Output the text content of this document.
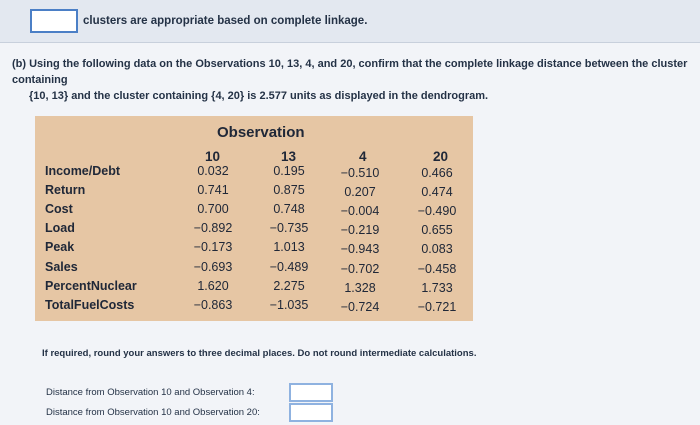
clusters are appropriate based on complete linkage.
(b) Using the following data on the Observations 10, 13, 4, and 20, confirm that the complete linkage distance between the cluster containing
{10, 13} and the cluster containing {4, 20} is 2.577 units as displayed in the dendrogram.
Observation
10	13	4	20
Income/Debt	0.032	0.195	−0.510	0.466
Return	0.741	0.875	0.207	0.474
Cost	0.700	0.748	−0.004	−0.490
Load	−0.892	−0.735	−0.219	0.655
Peak	−0.173	1.013	−0.943	0.083
Sales	−0.693	−0.489	−0.702	−0.458
PercentNuclear	1.620	2.275	1.328	1.733
TotalFuelCosts	−0.863	−1.035	−0.724	−0.721
If required, round your answers to three decimal places. Do not round intermediate calculations.
Distance from Observation 10 and Observation 4:
Distance from Observation 10 and Observation 20:
